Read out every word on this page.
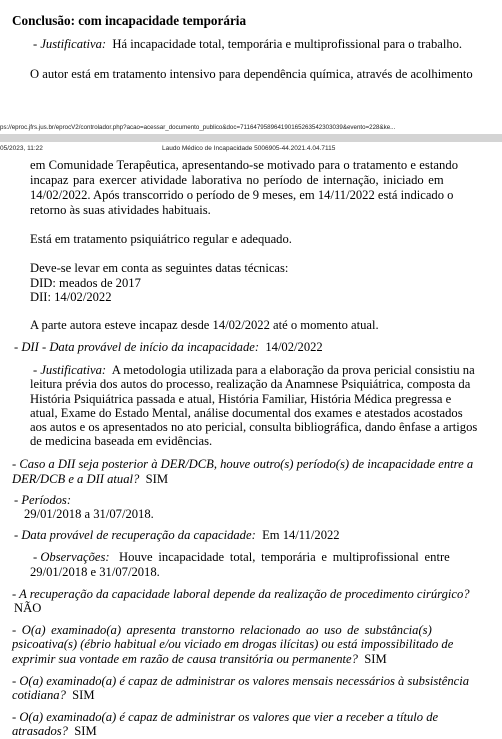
Conclusão: com incapacidade temporária
- Justificativa: Há incapacidade total, temporária e multiprofissional para o trabalho.
O autor está em tratamento intensivo para dependência química, através de acolhimento
ps://eproc.jfrs.jus.br/eprocV2/controlador.php?acao=acessar_documento_publico&doc=711647958964190165263542303039&evento=228&ke...
05/2023, 11:22	Laudo Médico de Incapacidade 5006905-44.2021.4.04.7115
em Comunidade Terapêutica, apresentando-se motivado para o tratamento e estando
incapaz para exercer atividade laborativa no período de internação, iniciado em
14/02/2022. Após transcorrido o período de 9 meses, em 14/11/2022 está indicado o
retorno às suas atividades habituais.
Está em tratamento psiquiátrico regular e adequado.
Deve-se levar em conta as seguintes datas técnicas:
DID: meados de 2017
DII: 14/02/2022
A parte autora esteve incapaz desde 14/02/2022 até o momento atual.
- DII - Data provável de início da incapacidade: 14/02/2022
- Justificativa: A metodologia utilizada para a elaboração da prova pericial consistiu na
leitura prévia dos autos do processo, realização da Anamnese Psiquiátrica, composta da
História Psiquiátrica passada e atual, História Familiar, História Médica pregressa e
atual, Exame do Estado Mental, análise documental dos exames e atestados acostados
aos autos e os apresentados no ato pericial, consulta bibliográfica, dando ênfase a artigos
de medicina baseada em evidências.
- Caso a DII seja posterior à DER/DCB, houve outro(s) período(s) de incapacidade entre a
DER/DCB e a DII atual? SIM
- Períodos:
29/01/2018 a 31/07/2018.
- Data provável de recuperação da capacidade: Em 14/11/2022
- Observações: Houve incapacidade total, temporária e multiprofissional entre
29/01/2018 e 31/07/2018.
- A recuperação da capacidade laboral depende da realização de procedimento cirúrgico?
NÃO
- O(a) examinado(a) apresenta transtorno relacionado ao uso de substância(s)
psicoativa(s) (ébrio habitual e/ou viciado em drogas ilícitas) ou está impossibilitado de
exprimir sua vontade em razão de causa transitória ou permanente? SIM
- O(a) examinado(a) é capaz de administrar os valores mensais necessários à subsistência
cotidiana? SIM
- O(a) examinado(a) é capaz de administrar os valores que vier a receber a título de
atrasados? SIM
